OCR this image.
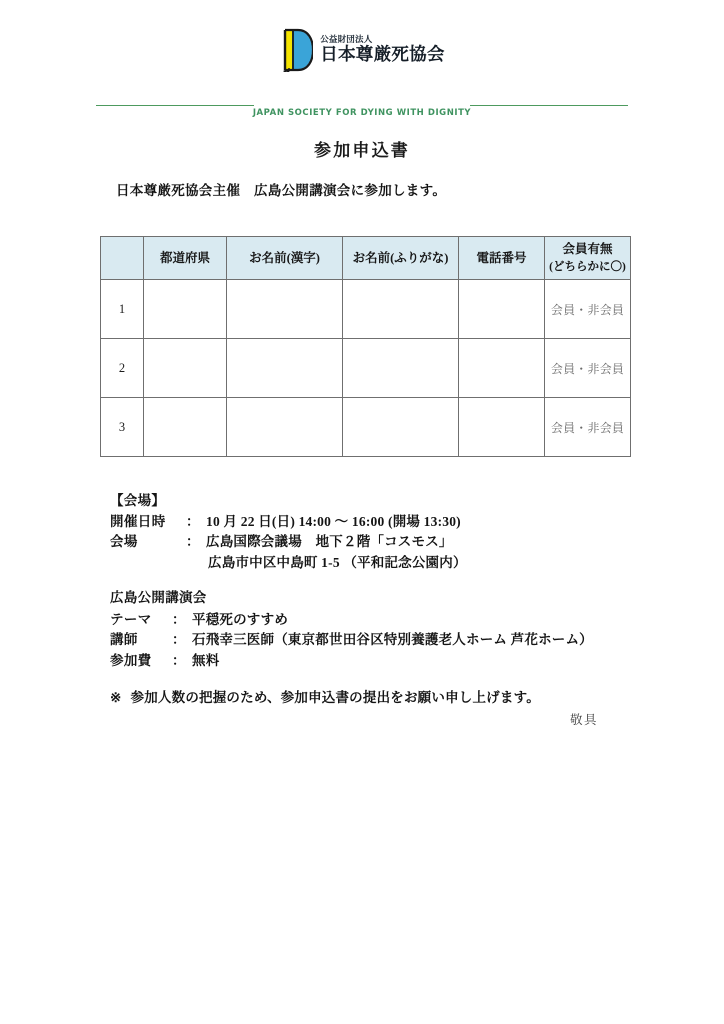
公益財団法人
日本尊厳死協会
JAPAN SOCIETY FOR DYING WITH DIGNITY
参加申込書
日本尊厳死協会主催　広島公開講演会に参加します。
	都道府県	お名前(漢字)	お名前(ふりがな)	電話番号	会員有無
(どちらかに〇)

1					会員・非会員
2					会員・非会員
3					会員・非会員
【会場】
開催日時	： 10 月 22 日(日) 14:00 ～ 16:00 (開場 13:30)
会場	： 広島国際会議場　地下２階「コスモス」
広島市中区中島町 1-5 （平和記念公園内）
広島公開講演会
テーマ	： 平穏死のすすめ
講師	： 石飛幸三医師（東京都世田谷区特別養護老人ホーム 芦花ホーム）
参加費	： 無料
※ 参加人数の把握のため、参加申込書の提出をお願い申し上げます。
敬具
